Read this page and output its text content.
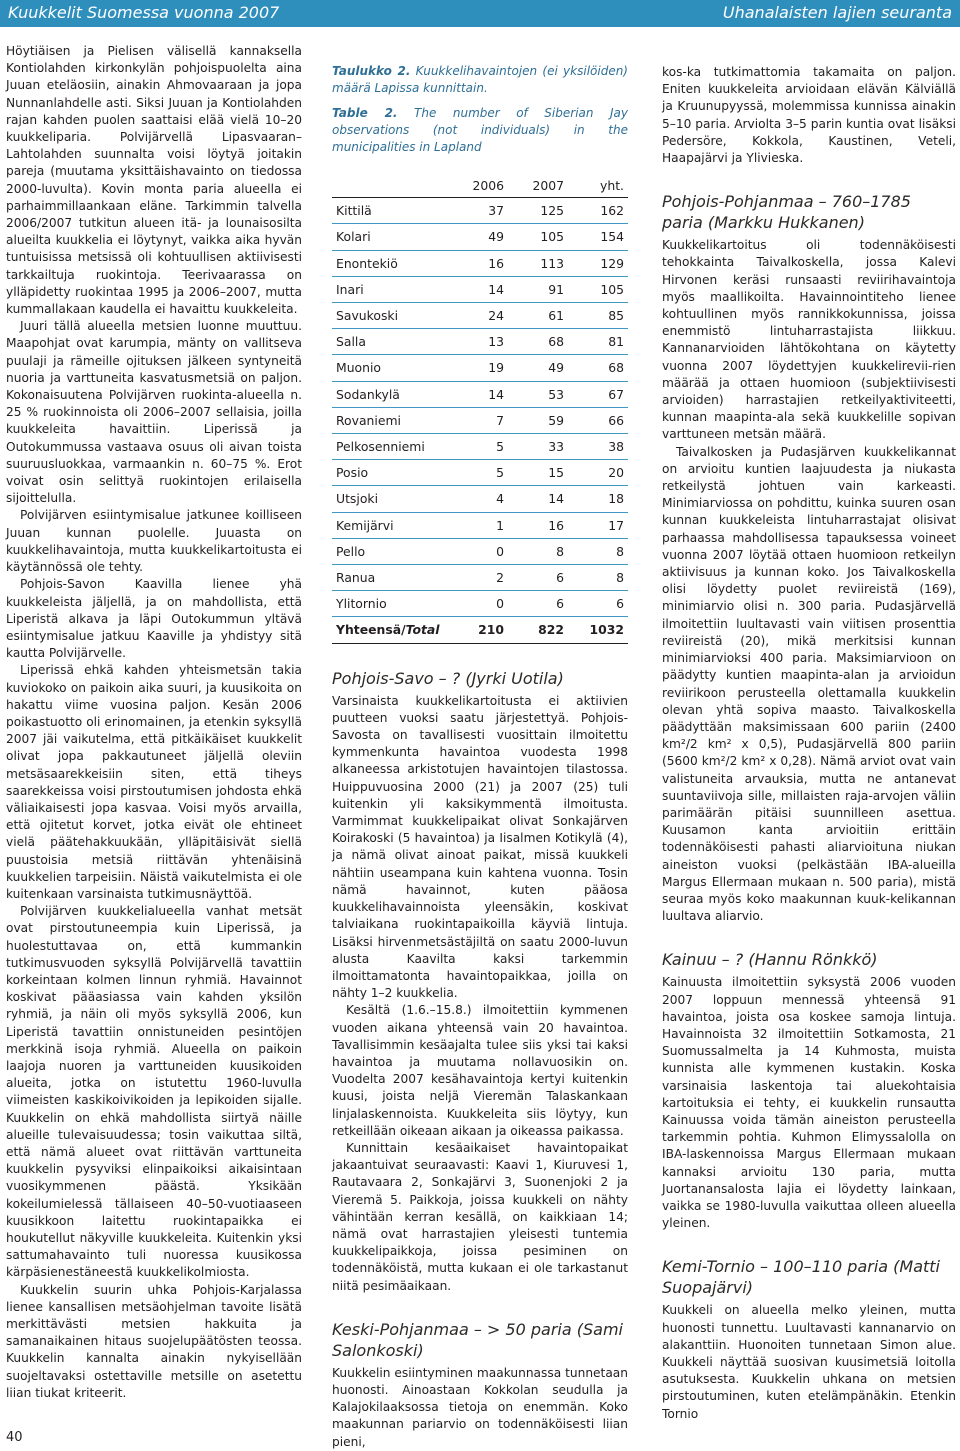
Kuukkelit Suomessa vuonna 2007	Uhanalaisten lajien seuranta

Höytiäisen ja Pielisen välisellä kannaksella Kontiolahden kirkonkylän pohjoispuolelta aina Juuan eteläosiin, ainakin Ahmovaaraan ja jopa Nunnanlahdelle asti. Siksi Juuan ja Kontiolahden rajan kahden puolen saattaisi elää vielä 10–20 kuukkeliparia. Polvijärvellä Lipasvaaran–Lahtolahden suunnalta voisi löytyä joitakin pareja (muutama yksittäishavainto on tiedossa 2000-luvulta). Kovin monta paria alueella ei parhaimmillaankaan eläne. Tarkimmin talvella 2006/2007 tutkitun alueen itä- ja lounaisosilta alueilta kuukkelia ei löytynyt, vaikka aika hyvän tuntuisissa metsissä oli kohtuullisen aktiivisesti tarkkailtuja ruokintoja. Teerivaarassa on ylläpidetty ruokintaa 1995 ja 2006–2007, mutta kummallakaan kaudella ei havaittu kuukkeleita.

Juuri tällä alueella metsien luonne muuttuu. Maapohjat ovat karumpia, mänty on vallitseva puulaji ja rämeille ojituksen jälkeen syntyneitä nuoria ja varttuneita kasvatusmetsiä on paljon. Kokonaisuutena Polvijärven ruokinta-alueella n. 25 % ruokinnoista oli 2006–2007 sellaisia, joilla kuukkeleita havaittiin. Liperissä ja Outokummussa vastaava osuus oli aivan toista suuruusluokkaa, varmaankin n. 60–75 %. Erot voivat osin selittyä ruokintojen erilaisella sijoittelulla.

Polvijärven esiintymisalue jatkunee koilliseen Juuan kunnan puolelle. Juuasta on kuukkelihavaintoja, mutta kuukkelikartoitusta ei käytännössä ole tehty.

Pohjois-Savon Kaavilla lienee yhä kuukkeleista jäljellä, ja on mahdollista, että Liperistä alkava ja läpi Outokummun yltävä esiintymisalue jatkuu Kaaville ja yhdistyy sitä kautta Polvijärvelle.

Liperissä ehkä kahden yhteismetsän takia kuviokoko on paikoin aika suuri, ja kuusikoita on hakattu viime vuosina paljon. Kesän 2006 poikastuotto oli erinomainen, ja etenkin syksyllä 2007 jäi vaikutelma, että pitkäikäiset kuukkelit olivat jopa pakkautuneet jäljellä oleviin metsäsaarekkeisiin siten, että tiheys saarekkeissa voisi pirstoutumisen johdosta ehkä väliaikaisesti jopa kasvaa. Voisi myös arvailla, että ojitetut korvet, jotka eivät ole ehtineet vielä päätehakkuukään, ylläpitäisivät siellä puustoisia metsiä riittävän yhtenäisinä kuukkelien tarpeisiin. Näistä vaikutelmista ei ole kuitenkaan varsinaista tutkimusnäyttöä.

Polvijärven kuukkelialueella vanhat metsät ovat pirstoutuneempia kuin Liperissä, ja huolestuttavaa on, että kummankin tutkimusvuoden syksyllä Polvijärvellä tavattiin korkeintaan kolmen linnun ryhmiä. Havainnot koskivat pääasiassa vain kahden yksilön ryhmiä, ja näin oli myös syksyllä 2006, kun Liperistä tavattiin onnistuneiden pesintöjen merkkinä isoja ryhmiä. Alueella on paikoin laajoja nuoren ja varttuneiden kuusikoiden alueita, jotka on istutettu 1960-luvulla viimeisten kaskikoivikoiden ja lepikoiden sijalle. Kuukkelin on ehkä mahdollista siirtyä näille alueille tulevaisuudessa; tosin vaikuttaa siltä, että nämä alueet ovat riittävän varttuneita kuukkelin pysyviksi elinpaikoiksi aikaisintaan vuosikymmenen päästä. Yksikään kokeilumielessä tällaiseen 40–50-vuotiaaseen kuusikkoon laitettu ruokintapaikka ei houkutellut näkyville kuukkeleita. Kuitenkin yksi sattumahavainto tuli nuoressa kuusikossa kärpäsienestäneestä kuukkelikolmiosta.

Kuukkelin suurin uhka Pohjois-Karjalassa lienee kansallisen metsäohjelman tavoite lisätä merkittävästi metsien hakkuita ja samanaikainen hitaus suojelupäätösten teossa. Kuukkelin kannalta ainakin nykyisellään suojeltavaksi ostettaville metsille on asetettu liian tiukat kriteerit.

Taulukko 2. Kuukkelihavaintojen (ei yksilöiden) määrä Lapissa kunnittain.
Table 2. The number of Siberian Jay observations (not individuals) in the municipalities in Lapland
	2006	2007	yht.
Kittilä	37	125	162
Kolari	49	105	154
Enontekiö	16	113	129
Inari	14	91	105
Savukoski	24	61	85
Salla	13	68	81
Muonio	19	49	68
Sodankylä	14	53	67
Rovaniemi	7	59	66
Pelkosenniemi	5	33	38
Posio	5	15	20
Utsjoki	4	14	18
Kemijärvi	1	16	17
Pello	0	8	8
Ranua	2	6	8
Ylitornio	0	6	6
Yhteensä/Total	210	822	1032
Pohjois-Savo – ? (Jyrki Uotila)

Varsinaista kuukkelikartoitusta ei aktiivien puutteen vuoksi saatu järjestettyä. Pohjois-Savosta on tavallisesti vuosittain ilmoitettu kymmenkunta havaintoa vuodesta 1998 alkaneessa arkistotujen havaintojen tilastossa. Huippuvuosina 2000 (21) ja 2007 (25) tuli kuitenkin yli kaksikymmentä ilmoitusta. Varmimmat kuukkelipaikat olivat Sonkajärven Koirakoski (5 havaintoa) ja Iisalmen Kotikylä (4), ja nämä olivat ainoat paikat, missä kuukkeli nähtiin useampana kuin kahtena vuonna. Tosin nämä havainnot, kuten pääosa kuukkelihavainnoista yleensäkin, koskivat talviaikana ruokintapaikoilla käyviä lintuja. Lisäksi hirvenmetsästäjiltä on saatu 2000-luvun alusta Kaavilta kaksi tarkemmin ilmoittamatonta havaintopaikkaa, joilla on nähty 1–2 kuukkelia.

Kesältä (1.6.–15.8.) ilmoitettiin kymmenen vuoden aikana yhteensä vain 20 havaintoa. Tavallisimmin kesäajalta tulee siis yksi tai kaksi havaintoa ja muutama nollavuosikin on. Vuodelta 2007 kesähavaintoja kertyi kuitenkin kuusi, joista neljä Vieremän Talaskankaan linjalaskennoista. Kuukkeleita siis löytyy, kun retkeillään oikeaan aikaan ja oikeassa paikassa.

Kunnittain kesäaikaiset havaintopaikat jakaantuivat seuraavasti: Kaavi 1, Kiuruvesi 1, Rautavaara 2, Sonkajärvi 3, Suonenjoki 2 ja Vieremä 5. Paikkoja, joissa kuukkeli on nähty vähintään kerran kesällä, on kaikkiaan 14; nämä ovat harrastajien yleisesti tuntemia kuukkelipaikkoja, joissa pesiminen on todennäköistä, mutta kukaan ei ole tarkastanut niitä pesimäaikaan.

Keski-Pohjanmaa – > 50 paria (Sami Salonkoski)

Kuukkelin esiintyminen maakunnassa tunnetaan huonosti. Ainoastaan Kokkolan seudulla ja Kalajokilaaksossa tietoja on enemmän. Koko maakunnan pariarvio on todennäköisesti liian pieni,

kos-ka tutkimattomia takamaita on paljon. Eniten kuukkeleita arvioidaan elävän Kälviällä ja Kruunupyyssä, molemmissa kunnissa ainakin 5–10 paria. Arviolta 3–5 parin kuntia ovat lisäksi Pedersöre, Kokkola, Kaustinen, Veteli, Haapajärvi ja Ylivieska.

Pohjois-Pohjanmaa – 760–1785 paria (Markku Hukkanen)

Kuukkelikartoitus oli todennäköisesti tehokkainta Taivalkoskella, jossa Kalevi Hirvonen keräsi runsaasti reviirihavaintoja myös maallikoilta. Havainnointiteho lienee kohtuullinen myös rannikkokunnissa, joissa enemmistö lintuharrastajista liikkuu. Kannanarvioiden lähtökohtana on käytetty vuonna 2007 löydettyjen kuukkelirevii-rien määrää ja ottaen huomioon (subjektiivisesti arvioiden) harrastajien retkeilyaktiviteetti, kunnan maapinta-ala sekä kuukkelille sopivan varttuneen metsän määrä.

Taivalkosken ja Pudasjärven kuukkelikannat on arvioitu kuntien laajuudesta ja niukasta retkeilystä johtuen vain karkeasti. Minimiarviossa on pohdittu, kuinka suuren osan kunnan kuukkeleista lintuharrastajat olisivat parhaassa mahdollisessa tapauksessa voineet vuonna 2007 löytää ottaen huomioon retkeilyn aktiivisuus ja kunnan koko. Jos Taivalkoskella olisi löydetty puolet reviireistä (169), minimiarvio olisi n. 300 paria. Pudasjärvellä ilmoitettiin luultavasti vain viitisen prosenttia reviireistä (20), mikä merkitsisi kunnan minimiarvioksi 400 paria. Maksimiarvioon on päädytty kuntien maapinta-alan ja arvioidun reviirikoon perusteella olettamalla kuukkelin olevan yhtä sopiva maasto. Taivalkoskella päädyttään maksimissaan 600 pariin (2400 km²/2 km² x 0,5), Pudasjärvellä 800 pariin (5600 km²/2 km² x 0,28). Nämä arviot ovat vain valistuneita arvauksia, mutta ne antanevat suuntaviivoja sille, millaisten raja-arvojen väliin parimäärän pitäisi suunnilleen asettua. Kuusamon kanta arvioitiin erittäin todennäköisesti pahasti aliarvioituna niukan aineiston vuoksi (pelkästään IBA-alueilla Margus Ellermaan mukaan n. 500 paria), mistä seuraa myös koko maakunnan kuuk-kelikannan luultava aliarvio.

Kainuu – ? (Hannu Rönkkö)

Kainuusta ilmoitettiin syksystä 2006 vuoden 2007 loppuun mennessä yhteensä 91 havaintoa, joista osa koskee samoja lintuja. Havainnoista 32 ilmoitettiin Sotkamosta, 21 Suomussalmelta ja 14 Kuhmosta, muista kunnista alle kymmenen kustakin. Koska varsinaisia laskentoja tai aluekohtaisia kartoituksia ei tehty, ei kuukkelin runsautta Kainuussa voida tämän aineiston perusteella tarkemmin pohtia. Kuhmon Elimyssalolla on IBA-laskennoissa Margus Ellermaan mukaan kannaksi arvioitu 130 paria, mutta Juortanansalosta lajia ei löydetty lainkaan, vaikka se 1980-luvulla vaikuttaa olleen alueella yleinen.

Kemi-Tornio – 100–110 paria (Matti Suopajärvi)

Kuukkeli on alueella melko yleinen, mutta huonosti tunnettu. Luultavasti kannanarvio on alakanttiin. Huonoiten tunnetaan Simon alue. Kuukkeli näyttää suosivan kuusimetsiä loitolla asutuksesta. Kuukkelin uhkana on metsien pirstoutuminen, kuten etelämpänäkin. Etenkin Tornio

40
